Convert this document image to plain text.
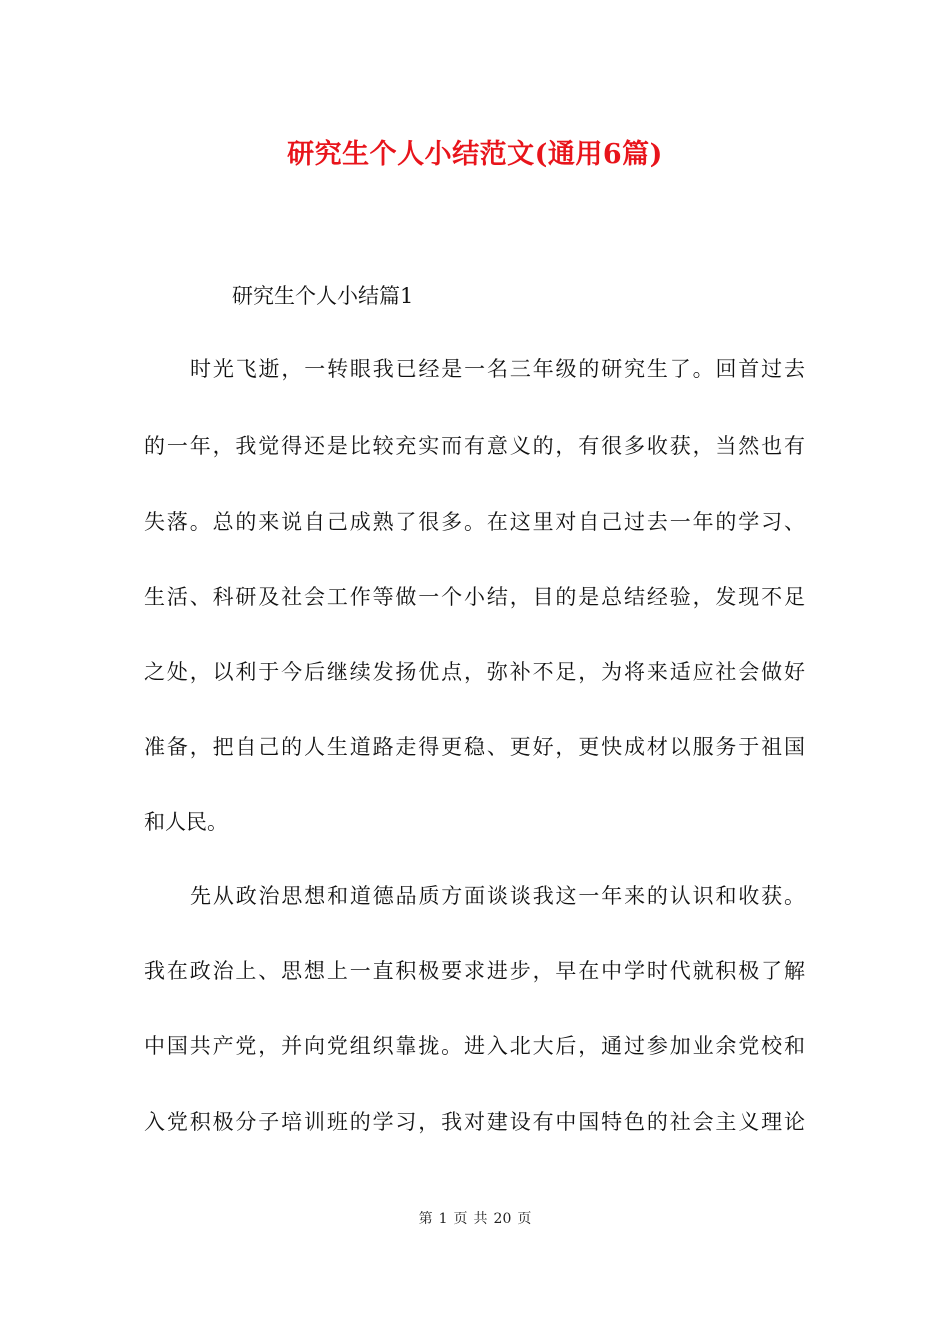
研究生个人小结范文(通用6篇)
研究生个人小结篇1
时光飞逝，一转眼我已经是一名三年级的研究生了。回首过去
的一年，我觉得还是比较充实而有意义的，有很多收获，当然也有
失落。总的来说自己成熟了很多。在这里对自己过去一年的学习、
生活、科研及社会工作等做一个小结，目的是总结经验，发现不足
之处，以利于今后继续发扬优点，弥补不足，为将来适应社会做好
准备，把自己的人生道路走得更稳、更好，更快成材以服务于祖国
和人民。
先从政治思想和道德品质方面谈谈我这一年来的认识和收获。
我在政治上、思想上一直积极要求进步，早在中学时代就积极了解
中国共产党，并向党组织靠拢。进入北大后，通过参加业余党校和
入党积极分子培训班的学习，我对建设有中国特色的社会主义理论
第 1 页 共 20 页
